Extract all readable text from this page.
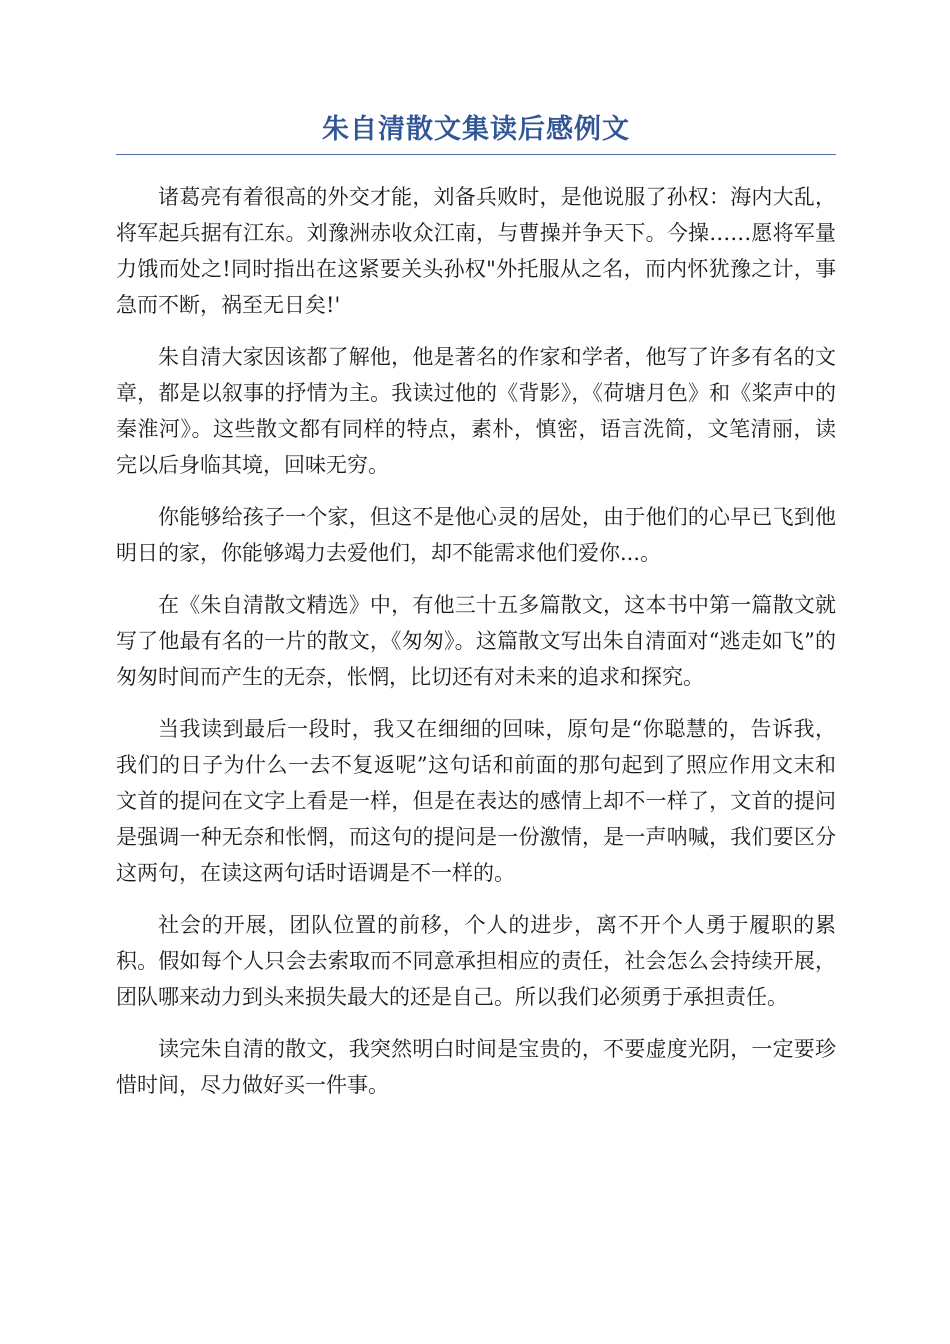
朱自清散文集读后感例文

诸葛亮有着很高的外交才能，刘备兵败时，是他说服了孙权：海内大乱，将军起兵据有江东。刘豫洲赤收众江南，与曹操并争天下。今操……愿将军量力饿而处之!同时指出在这紧要关头孙权"外托服从之名，而内怀犹豫之计，事急而不断，祸至无日矣!'

朱自清大家因该都了解他，他是著名的作家和学者，他写了许多有名的文章，都是以叙事的抒情为主。我读过他的《背影》，《荷塘月色》和《桨声中的秦淮河》。这些散文都有同样的特点，素朴，慎密，语言洗简，文笔清丽，读完以后身临其境，回味无穷。

你能够给孩子一个家，但这不是他心灵的居处，由于他们的心早已飞到他明日的家，你能够竭力去爱他们，却不能需求他们爱你...。

在《朱自清散文精选》中，有他三十五多篇散文，这本书中第一篇散文就写了他最有名的一片的散文，《匆匆》。这篇散文写出朱自清面对“逃走如飞”的匆匆时间而产生的无奈，怅惘，比切还有对未来的追求和探究。

当我读到最后一段时，我又在细细的回味，原句是“你聪慧的，告诉我，我们的日子为什么一去不复返呢”这句话和前面的那句起到了照应作用文末和文首的提问在文字上看是一样，但是在表达的感情上却不一样了，文首的提问是强调一种无奈和怅惘，而这句的提问是一份激情，是一声呐喊，我们要区分这两句，在读这两句话时语调是不一样的。

社会的开展，团队位置的前移，个人的进步，离不开个人勇于履职的累积。假如每个人只会去索取而不同意承担相应的责任，社会怎么会持续开展，团队哪来动力到头来损失最大的还是自己。所以我们必须勇于承担责任。

读完朱自清的散文，我突然明白时间是宝贵的，不要虚度光阴，一定要珍惜时间，尽力做好买一件事。
